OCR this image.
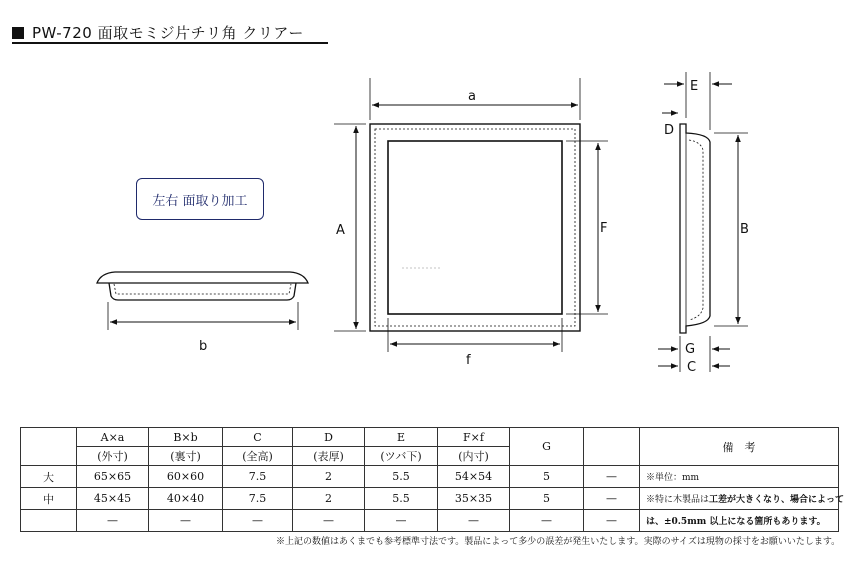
PW-720 面取モミジ片チリ角 クリアー
b
a
A	F
f
E
D
B
G
C
左右 面取り加工
	A×a	B×b	C	D	E	F×f	G		備　考
	(外寸)	(裏寸)	(全高)	(表厚)	(ツバ下)	(内寸)			
大	65×65	60×60	7.5	2	5.5	54×54	5	—	※単位：mm
中	45×45	40×40	7.5	2	5.5	35×35	5	—	※特に木製品は工差が大きくなり、場合によって
	—	—	—	—	—	—	—	—	は、±0.5mm 以上になる箇所もあります。
※上記の数値はあくまでも参考標準寸法です。製品によって多少の誤差が発生いたします。実際のサイズは現物の採寸をお願いいたします。
